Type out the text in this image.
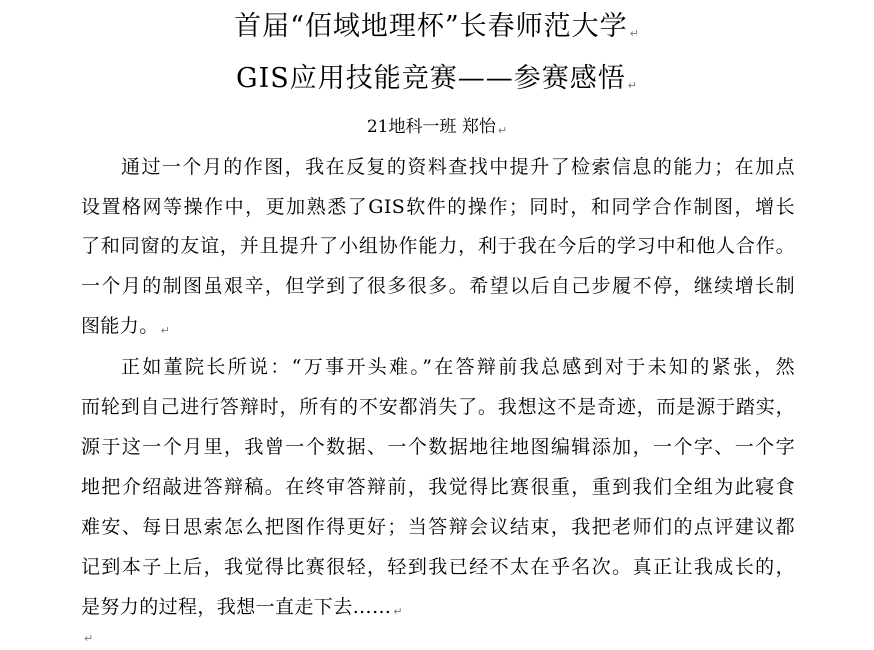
首届“佰域地理杯”长春师范大学 ↵
GIS应用技能竞赛——参赛感悟 ↵
21地科一班 郑怡 ↵
通过一个月的作图，我在反复的资料查找中提升了检索信息的能力；在加点
设置格网等操作中，更加熟悉了GIS软件的操作；同时，和同学合作制图，增长
了和同窗的友谊，并且提升了小组协作能力，利于我在今后的学习中和他人合作。
一个月的制图虽艰辛，但学到了很多很多。希望以后自己步履不停，继续增长制
图能力。 ↵
正如董院长所说：“万事开头难。”在答辩前我总感到对于未知的紧张，然
而轮到自己进行答辩时，所有的不安都消失了。我想这不是奇迹，而是源于踏实，
源于这一个月里，我曾一个数据、一个数据地往地图编辑添加，一个字、一个字
地把介绍敲进答辩稿。在终审答辩前，我觉得比赛很重，重到我们全组为此寝食
难安、每日思索怎么把图作得更好；当答辩会议结束，我把老师们的点评建议都
记到本子上后，我觉得比赛很轻，轻到我已经不太在乎名次。真正让我成长的，
是努力的过程，我想一直走下去…… ↵
↵
